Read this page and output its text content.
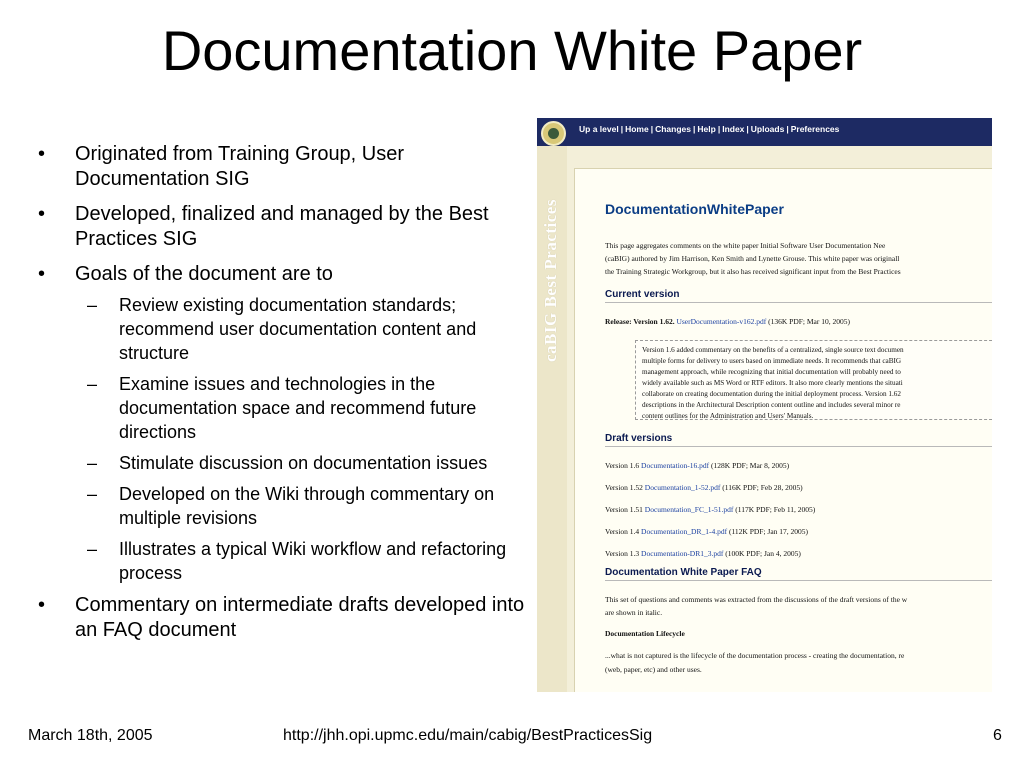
Documentation White Paper
• Originated from Training Group, User Documentation SIG
• Developed, finalized and managed by the Best Practices SIG
• Goals of the document are to
– Review existing documentation standards; recommend user documentation content and structure
– Examine issues and technologies in the documentation space and recommend future directions
– Stimulate discussion on documentation issues
– Developed on the Wiki through commentary on multiple revisions
– Illustrates a typical Wiki workflow and refactoring process
• Commentary on intermediate drafts developed into an FAQ document
Up a level | Home | Changes | Help | Index | Uploads | Preferences
caBIG Best Practices	DocumentationWhitePaper
This page aggregates comments on the white paper Initial Software User Documentation Nee
(caBIG) authored by Jim Harrison, Ken Smith and Lynette Grouse. This white paper was originall
the Training Strategic Workgroup, but it also has received significant input from the Best Practices
Current version
Release: Version 1.62. UserDocumentation-v162.pdf (136K PDF; Mar 10, 2005)
Version 1.6 added commentary on the benefits of a centralized, single source text documen
multiple forms for delivery to users based on immediate needs. It recommends that caBIG
management approach, while recognizing that initial documentation will probably need to
widely available such as MS Word or RTF editors. It also more clearly mentions the situati
collaborate on creating documentation during the initial deployment process. Version 1.62
descriptions in the Architectural Description content outline and includes several minor re
content outlines for the Administration and Users' Manuals.
Draft versions
Version 1.6 Documentation-16.pdf (128K PDF; Mar 8, 2005)
Version 1.52 Documentation_1-52.pdf (116K PDF; Feb 28, 2005)
Version 1.51 Documentation_FC_1-51.pdf (117K PDF; Feb 11, 2005)
Version 1.4 Documentation_DR_1-4.pdf (112K PDF; Jan 17, 2005)
Version 1.3 Documentation-DR1_3.pdf (100K PDF; Jan 4, 2005)
Documentation White Paper FAQ
This set of questions and comments was extracted from the discussions of the draft versions of the w
are shown in italic.
Documentation Lifecycle
...what is not captured is the lifecycle of the documentation process - creating the documentation, re
(web, paper, etc) and other uses.
March 18th, 2005	http://jhh.opi.upmc.edu/main/cabig/BestPracticesSig	6
